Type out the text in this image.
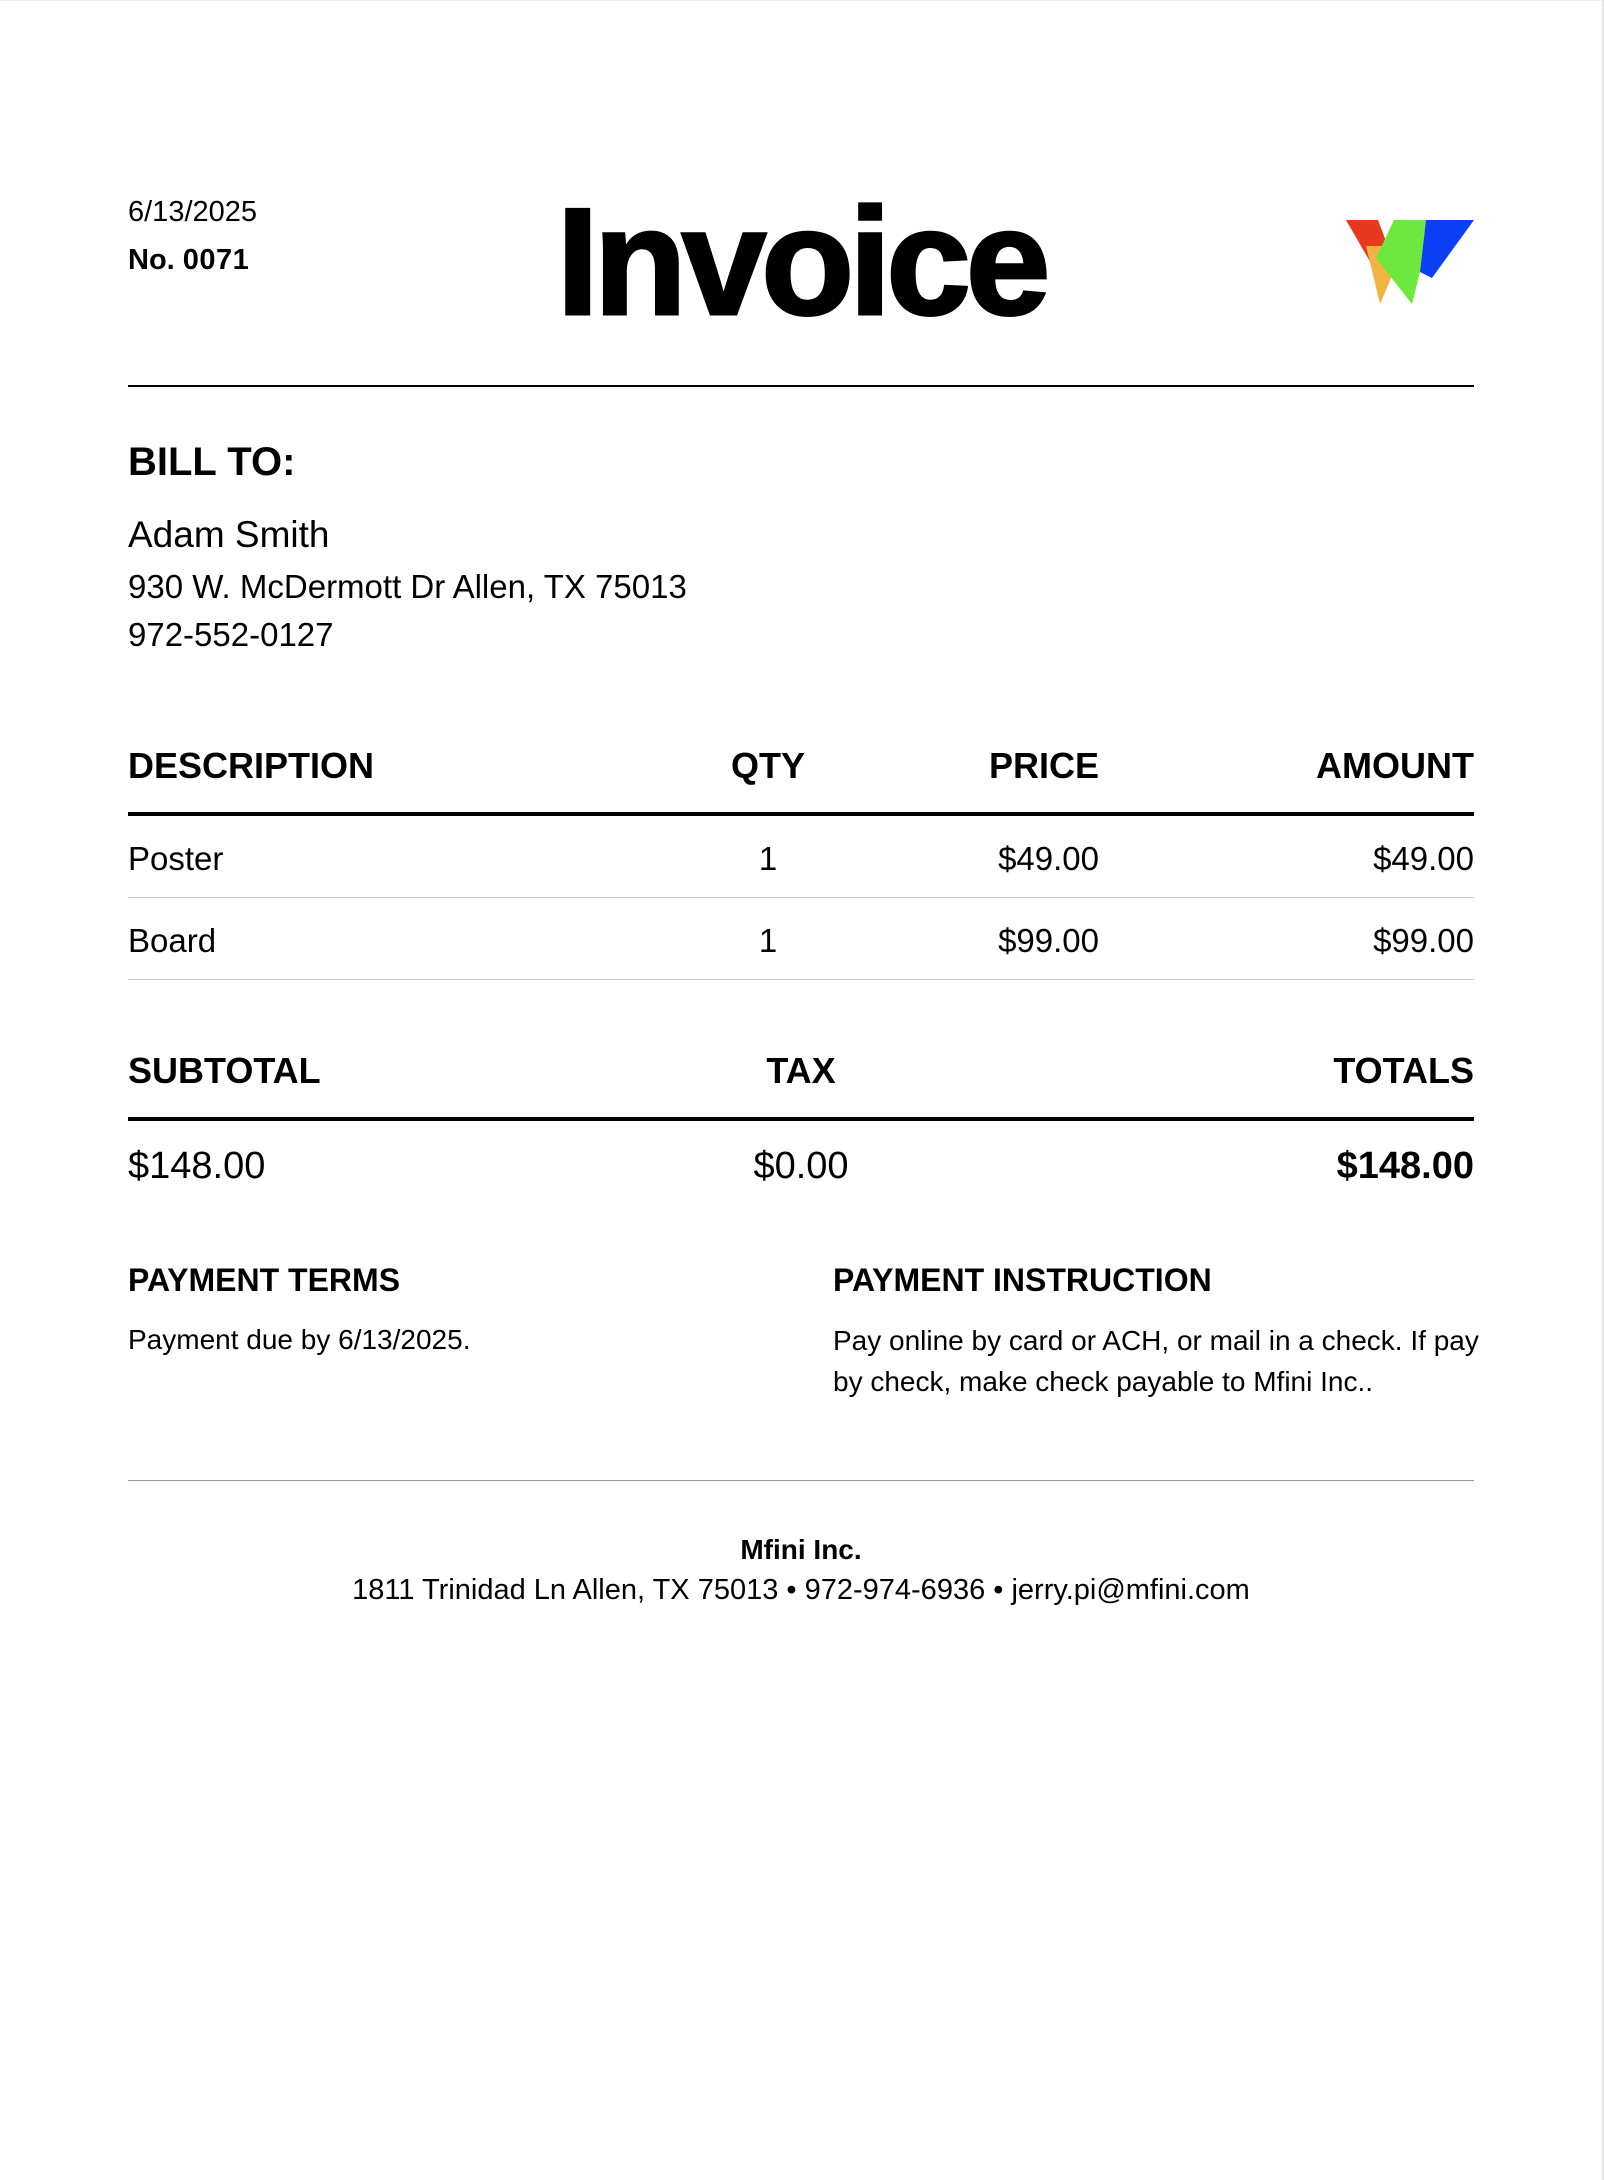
6/13/2025
No. 0071	Invoice
BILL TO:
Adam Smith
930 W. McDermott Dr Allen, TX 75013
972-552-0127
DESCRIPTION	QTY	PRICE	AMOUNT
Poster	1	$49.00	$49.00
Board	1	$99.00	$99.00
SUBTOTAL	TAX	TOTALS
$148.00	$0.00	$148.00
PAYMENT TERMS
Payment due by 6/13/2025.
PAYMENT INSTRUCTION
Pay online by card or ACH, or mail in a check. If pay by check, make check payable to Mfini Inc..
Mfini Inc.
1811 Trinidad Ln Allen, TX 75013 • 972-974-6936 • jerry.pi@mfini.com
